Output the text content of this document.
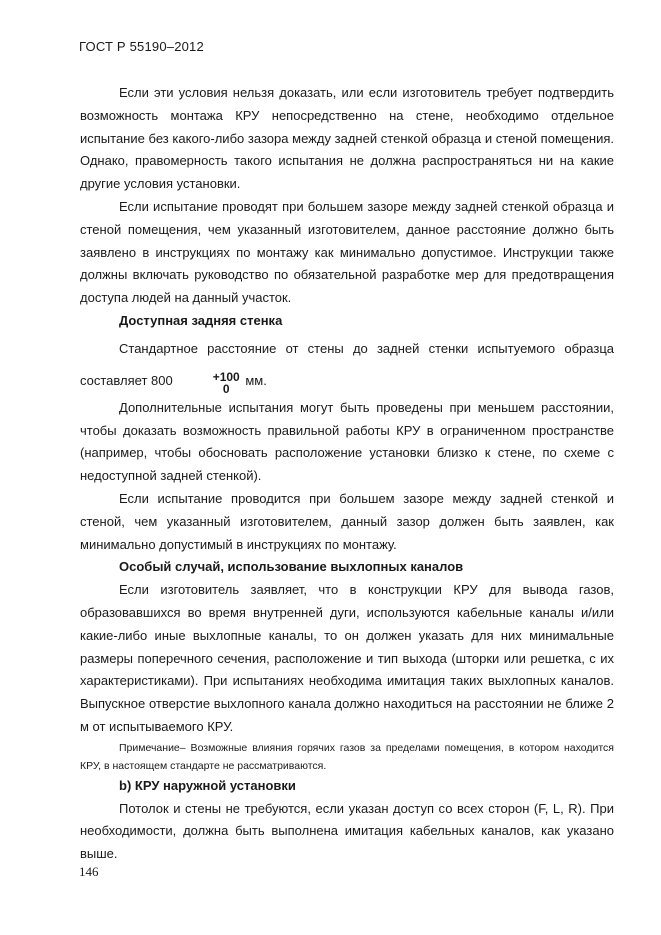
ГОСТ Р 55190–2012

Если эти условия нельзя доказать, или если изготовитель требует подтвердить возможность монтажа КРУ непосредственно на стене, необходимо отдельное испытание без какого-либо зазора между задней стенкой образца и стеной помещения. Однако, правомерность такого испытания не должна распространяться ни на какие другие условия установки.

Если испытание проводят при большем зазоре между задней стенкой образца и стеной помещения, чем указанный изготовителем, данное расстояние должно быть заявлено в инструкциях по монтажу как минимально допустимое. Инструкции также должны включать руководство по обязательной разработке мер для предотвращения доступа людей на данный участок.

Доступная задняя стенка

Стандартное расстояние от стены до задней стенки испытуемого образца составляет 800	+100
0
мм.

Дополнительные испытания могут быть проведены при меньшем расстоянии, чтобы доказать возможность правильной работы КРУ в ограниченном пространстве (например, чтобы обосновать расположение установки близко к стене, по схеме с недоступной задней стенкой).

Если испытание проводится при большем зазоре между задней стенкой и стеной, чем указанный изготовителем, данный зазор должен быть заявлен, как минимально допустимый в инструкциях по монтажу.

Особый случай, использование выхлопных каналов

Если изготовитель заявляет, что в конструкции КРУ для вывода газов, образовавшихся во время внутренней дуги, используются кабельные каналы и/или какие-либо иные выхлопные каналы, то он должен указать для них минимальные размеры поперечного сечения, расположение и тип выхода (шторки или решетка, с их характеристиками). При испытаниях необходима имитация таких выхлопных каналов. Выпускное отверстие выхлопного канала должно находиться на расстоянии не ближе 2 м от испытываемого КРУ.

Примечание– Возможные влияния горячих газов за пределами помещения, в котором находится КРУ, в настоящем стандарте не рассматриваются.

b) КРУ наружной установки

Потолок и стены не требуются, если указан доступ со всех сторон (F, L, R). При необходимости, должна быть выполнена имитация кабельных каналов, как указано выше.

146
